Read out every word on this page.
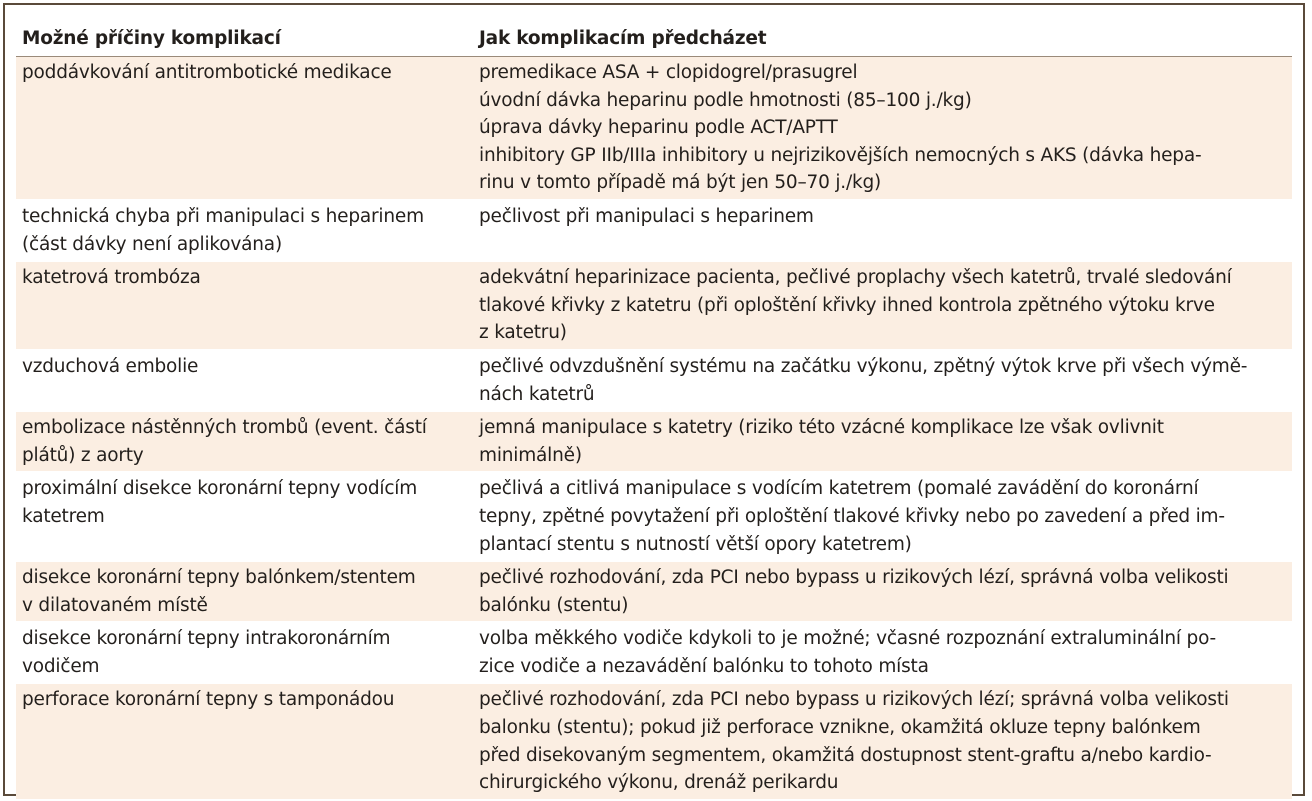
Možné příčiny komplikací	Jak komplikacím předcházet

poddávkování antitrombotické medikace	premedikace ASA + clopidogrel/prasugrel
úvodní dávka heparinu podle hmotnosti (85–100 j./kg)
úprava dávky heparinu podle ACT/APTT
inhibitory GP IIb/IIIa inhibitory u nejrizikovějších nemocných s AKS (dávka hepa-
rinu v tomto případě má být jen 50–70 j./kg)

technická chyba při manipulaci s heparinem
(část dávky není aplikována)	pečlivost při manipulaci s heparinem

katetrová trombóza	adekvátní heparinizace pacienta, pečlivé proplachy všech katetrů, trvalé sledování
tlakové křivky z katetru (při oploštění křivky ihned kontrola zpětného výtoku krve
z katetru)

vzduchová embolie	pečlivé odvzdušnění systému na začátku výkonu, zpětný výtok krve při všech výmě-
nách katetrů

embolizace nástěnných trombů (event. částí
plátů) z aorty	jemná manipulace s katetry (riziko této vzácné komplikace lze však ovlivnit
minimálně)

proximální disekce koronární tepny vodícím
katetrem	pečlivá a citlivá manipulace s vodícím katetrem (pomalé zavádění do koronární
tepny, zpětné povytažení při oploštění tlakové křivky nebo po zavedení a před im-
plantací stentu s nutností větší opory katetrem)

disekce koronární tepny balónkem/stentem
v dilatovaném místě	pečlivé rozhodování, zda PCI nebo bypass u rizikových lézí, správná volba velikosti
balónku (stentu)

disekce koronární tepny intrakoronárním
vodičem	volba měkkého vodiče kdykoli to je možné; včasné rozpoznání extraluminální po-
zice vodiče a nezavádění balónku to tohoto místa

perforace koronární tepny s tamponádou	pečlivé rozhodování, zda PCI nebo bypass u rizikových lézí; správná volba velikosti
balonku (stentu); pokud již perforace vznikne, okamžitá okluze tepny balónkem
před disekovaným segmentem, okamžitá dostupnost stent-graftu a/nebo kardio-
chirurgického výkonu, drenáž perikardu
